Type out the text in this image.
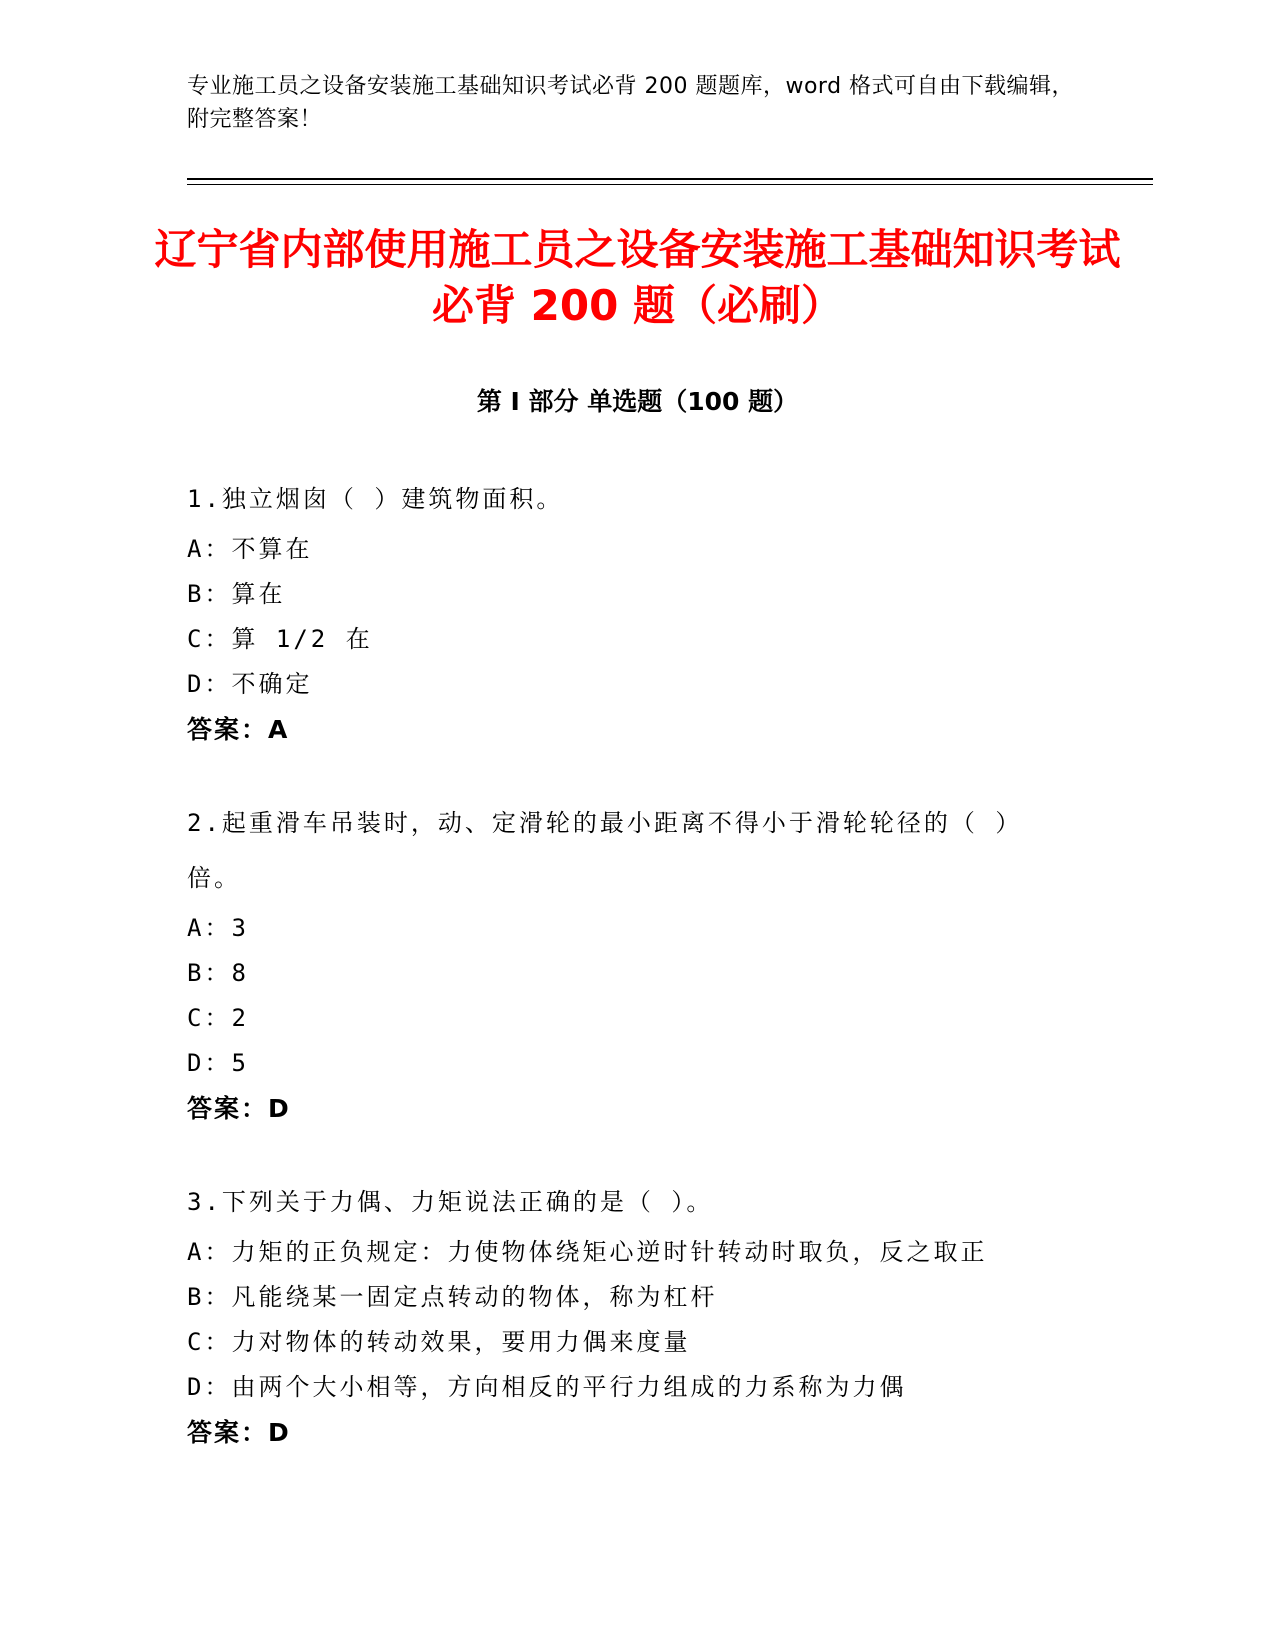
专业施工员之设备安装施工基础知识考试必背 200 题题库，word 格式可自由下载编辑，附完整答案！
辽宁省内部使用施工员之设备安装施工基础知识考试必背 200 题（必刷）
第 I 部分 单选题（100 题）
1.独立烟囱（ ）建筑物面积。
A：不算在
B：算在
C：算 1/2 在
D：不确定
答案：A
2.起重滑车吊装时，动、定滑轮的最小距离不得小于滑轮轮径的（ ）倍。
A：3
B：8
C：2
D：5
答案：D
3.下列关于力偶、力矩说法正确的是（ ）。
A：力矩的正负规定：力使物体绕矩心逆时针转动时取负，反之取正
B：凡能绕某一固定点转动的物体，称为杠杆
C：力对物体的转动效果，要用力偶来度量
D：由两个大小相等，方向相反的平行力组成的力系称为力偶
答案：D
